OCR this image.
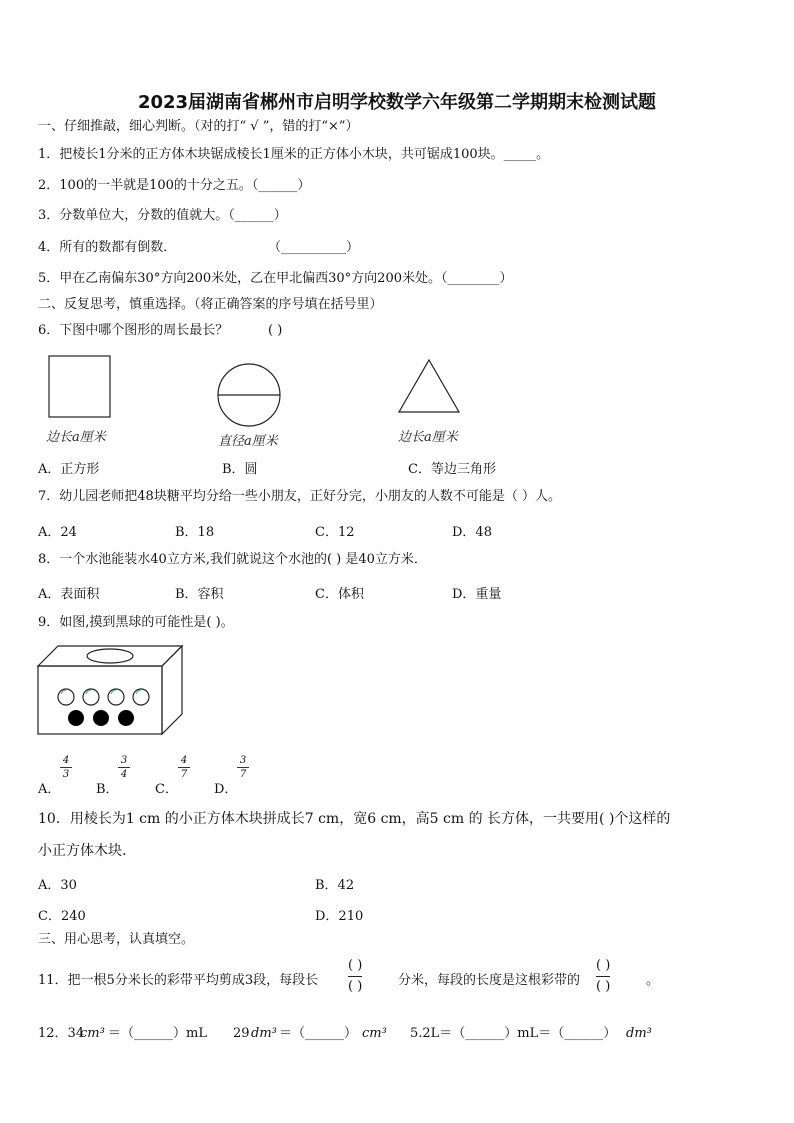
2023届湖南省郴州市启明学校数学六年级第二学期期末检测试题
一、仔细推敲，细心判断。（对的打“ √ ”，错的打“×”）
1．把棱长1分米的正方体木块锯成棱长1厘米的正方体小木块，共可锯成100块。_____。
2．100的一半就是100的十分之五。（______）
3．分数单位大，分数的值就大。（______）
4．所有的数都有倒数．	（__________）
5．甲在乙南偏东30°方向200米处，乙在甲北偏西30°方向200米处。（________）
二、反复思考，慎重选择。（将正确答案的序号填在括号里）
6．下图中哪个图形的周长最长？	( )
边长a厘米	直径a厘米	边长a厘米
A．正方形	B．圆	C．等边三角形
7．幼儿园老师把48块糖平均分给一些小朋友，正好分完，小朋友的人数不可能是（ ）人。
A．24	B．18	C．12	D．48
8．一个水池能装水40立方米,我们就说这个水池的( ) 是40立方米．
A．表面积	B．容积	C．体积	D．重量
9．如图,摸到黑球的可能性是( )。
A．
4
3
B．
3
4
C．
4
7
D．
3
7
10．用棱长为1 cm 的小正方体木块拼成长7 cm，宽6 cm，高5 cm 的 长方体，一共要用( )个这样的
小正方体木块.
A．30	B．42
C．240	D．210
三、用心思考，认真填空。
11．把一根5分米长的彩带平均剪成3段，每段长
( )
( )	分米，每段的长度是这根彩带的
( )
( )	。
12．34
cm³ ＝（______）mL 29 dm³ ＝（______） cm³ 5.2L＝（______）mL＝（______） dm³
